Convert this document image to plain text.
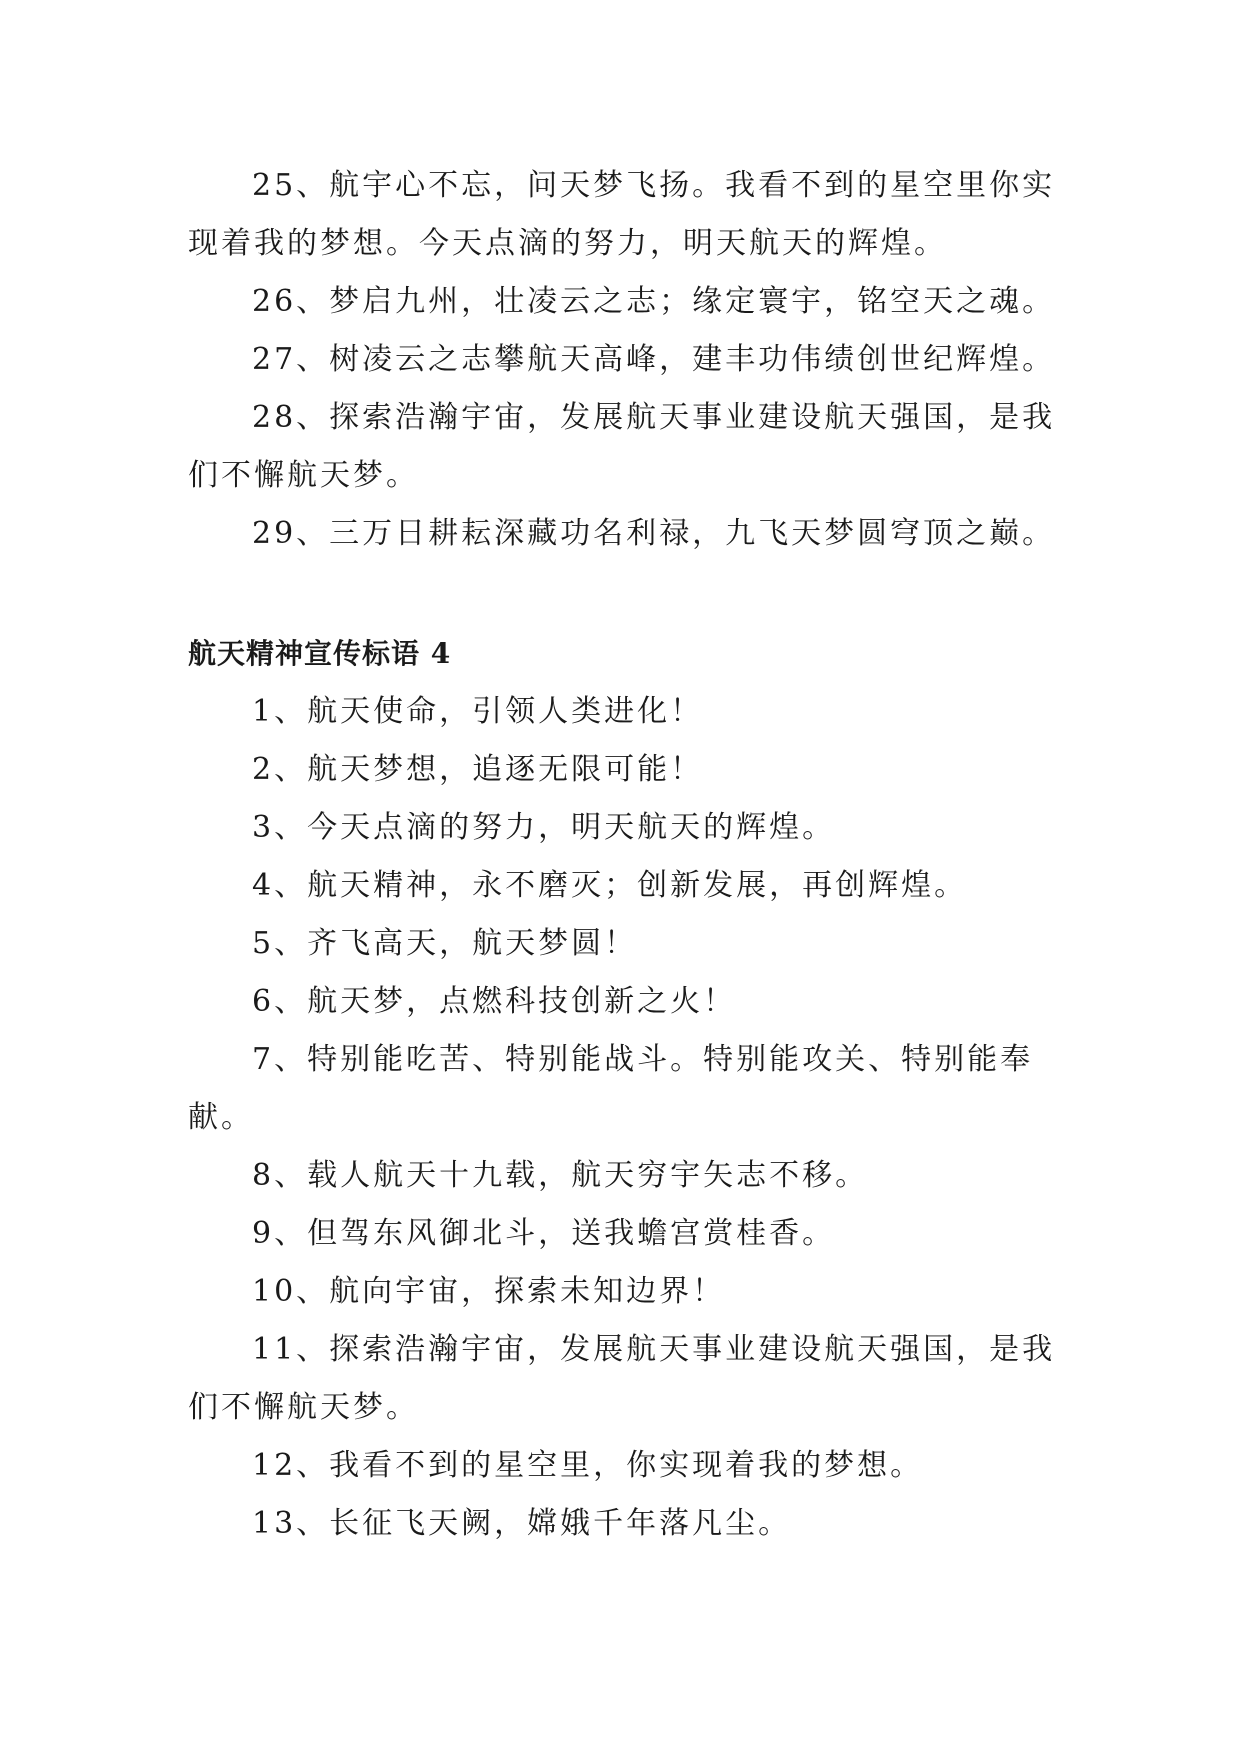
25、航宇心不忘，问天梦飞扬。我看不到的星空里你实现着我的梦想。今天点滴的努力，明天航天的辉煌。

26、梦启九州，壮凌云之志；缘定寰宇，铭空天之魂。

27、树凌云之志攀航天高峰，建丰功伟绩创世纪辉煌。

28、探索浩瀚宇宙，发展航天事业建设航天强国，是我们不懈航天梦。

29、三万日耕耘深藏功名利禄，九飞天梦圆穹顶之巅。

航天精神宣传标语 4

1、航天使命，引领人类进化！

2、航天梦想，追逐无限可能！

3、今天点滴的努力，明天航天的辉煌。

4、航天精神，永不磨灭；创新发展，再创辉煌。

5、齐飞高天，航天梦圆！

6、航天梦，点燃科技创新之火！

7、特别能吃苦、特别能战斗。特别能攻关、特别能奉献。

8、载人航天十九载，航天穷宇矢志不移。

9、但驾东风御北斗，送我蟾宫赏桂香。

10、航向宇宙，探索未知边界！

11、探索浩瀚宇宙，发展航天事业建设航天强国，是我们不懈航天梦。

12、我看不到的星空里，你实现着我的梦想。

13、长征飞天阙，嫦娥千年落凡尘。
